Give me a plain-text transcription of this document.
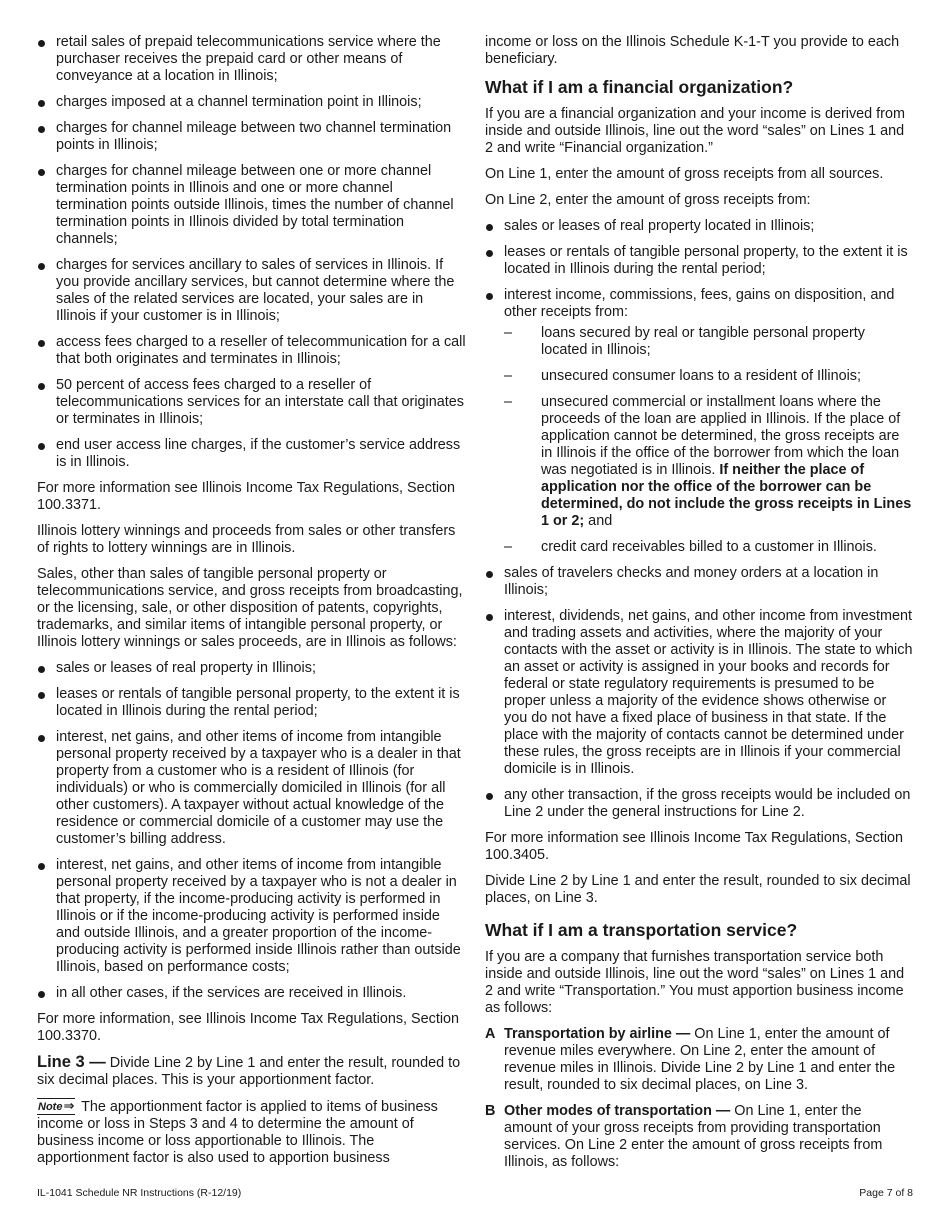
retail sales of prepaid telecommunications service where the purchaser receives the prepaid card or other means of conveyance at a location in Illinois;
charges imposed at a channel termination point in Illinois;
charges for channel mileage between two channel termination points in Illinois;
charges for channel mileage between one or more channel termination points in Illinois and one or more channel termination points outside Illinois, times the number of channel termination points in Illinois divided by total termination channels;
charges for services ancillary to sales of services in Illinois. If you provide ancillary services, but cannot determine where the sales of the related services are located, your sales are in Illinois if your customer is in Illinois;
access fees charged to a reseller of telecommunication for a call that both originates and terminates in Illinois;
50 percent of access fees charged to a reseller of telecommunications services for an interstate call that originates or terminates in Illinois;
end user access line charges, if the customer’s service address is in Illinois.

For more information see Illinois Income Tax Regulations, Section 100.3371.

Illinois lottery winnings and proceeds from sales or other transfers of rights to lottery winnings are in Illinois.

Sales, other than sales of tangible personal property or telecommunications service, and gross receipts from broadcasting, or the licensing, sale, or other disposition of patents, copyrights, trademarks, and similar items of intangible personal property, or Illinois lottery winnings or sales proceeds, are in Illinois as follows:

sales or leases of real property in Illinois;
leases or rentals of tangible personal property, to the extent it is located in Illinois during the rental period;
interest, net gains, and other items of income from intangible personal property received by a taxpayer who is a dealer in that property from a customer who is a resident of Illinois (for individuals) or who is commercially domiciled in Illinois (for all other customers). A taxpayer without actual knowledge of the residence or commercial domicile of a customer may use the customer’s billing address.
interest, net gains, and other items of income from intangible personal property received by a taxpayer who is not a dealer in that property, if the income-producing activity is performed in Illinois or if the income-producing activity is performed inside and outside Illinois, and a greater proportion of the income-producing activity is performed inside Illinois rather than outside Illinois, based on performance costs;
in all other cases, if the services are received in Illinois.

For more information, see Illinois Income Tax Regulations, Section 100.3370.

Line 3 — Divide Line 2 by Line 1 and enter the result, rounded to six decimal places. This is your apportionment factor.

Note⇒ The apportionment factor is applied to items of business income or loss in Steps 3 and 4 to determine the amount of business income or loss apportionable to Illinois. The apportionment factor is also used to apportion business

income or loss on the Illinois Schedule K-1-T you provide to each beneficiary.

What if I am a financial organization?

If you are a financial organization and your income is derived from inside and outside Illinois, line out the word “sales” on Lines 1 and 2 and write “Financial organization.”

On Line 1, enter the amount of gross receipts from all sources.

On Line 2, enter the amount of gross receipts from:

sales or leases of real property located in Illinois;
leases or rentals of tangible personal property, to the extent it is located in Illinois during the rental period;
interest income, commissions, fees, gains on disposition, and other receipts from:
– loans secured by real or tangible personal property located in Illinois;
– unsecured consumer loans to a resident of Illinois;
– unsecured commercial or installment loans where the proceeds of the loan are applied in Illinois. If the place of application cannot be determined, the gross receipts are in Illinois if the office of the borrower from which the loan was negotiated is in Illinois. If neither the place of application nor the office of the borrower can be determined, do not include the gross receipts in Lines 1 or 2; and
– credit card receivables billed to a customer in Illinois.
sales of travelers checks and money orders at a location in Illinois;
interest, dividends, net gains, and other income from investment and trading assets and activities, where the majority of your contacts with the asset or activity is in Illinois. The state to which an asset or activity is assigned in your books and records for federal or state regulatory requirements is presumed to be proper unless a majority of the evidence shows otherwise or you do not have a fixed place of business in that state. If the place with the majority of contacts cannot be determined under these rules, the gross receipts are in Illinois if your commercial domicile is in Illinois.
any other transaction, if the gross receipts would be included on Line 2 under the general instructions for Line 2.

For more information see Illinois Income Tax Regulations, Section 100.3405.

Divide Line 2 by Line 1 and enter the result, rounded to six decimal places, on Line 3.

What if I am a transportation service?

If you are a company that furnishes transportation service both inside and outside Illinois, line out the word “sales” on Lines 1 and 2 and write “Transportation.” You must apportion business income as follows:

A Transportation by airline — On Line 1, enter the amount of revenue miles everywhere. On Line 2, enter the amount of revenue miles in Illinois. Divide Line 2 by Line 1 and enter the result, rounded to six decimal places, on Line 3.
B Other modes of transportation — On Line 1, enter the amount of your gross receipts from providing transportation services. On Line 2 enter the amount of gross receipts from Illinois, as follows:
IL-1041 Schedule NR Instructions (R-12/19)	Page 7 of 8
